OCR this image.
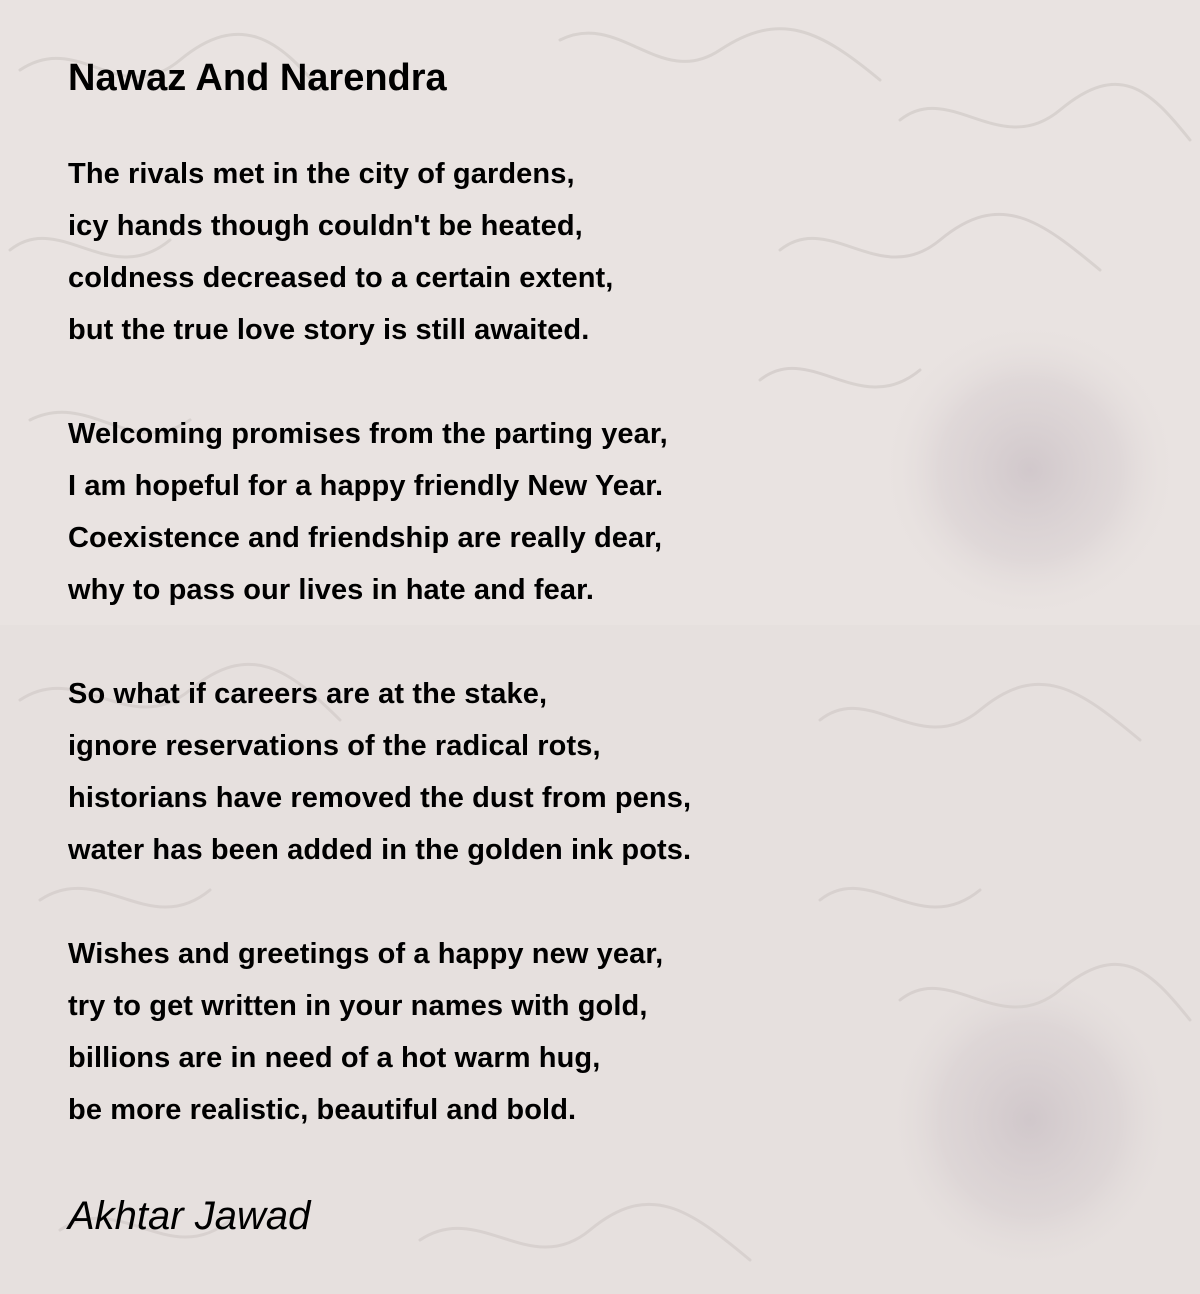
Nawaz And Narendra

The rivals met in the city of gardens,
icy hands though couldn't be heated,
coldness decreased to a certain extent,
but the true love story is still awaited.

Welcoming promises from the parting year,
I am hopeful for a happy friendly New Year.
Coexistence and friendship are really dear,
why to pass our lives in hate and fear.

So what if careers are at the stake,
ignore reservations of the radical rots,
historians have removed the dust from pens,
water has been added in the golden ink pots.

Wishes and greetings of a happy new year,
try to get written in your names with gold,
billions are in need of a hot warm hug,
be more realistic, beautiful and bold.

Akhtar Jawad
